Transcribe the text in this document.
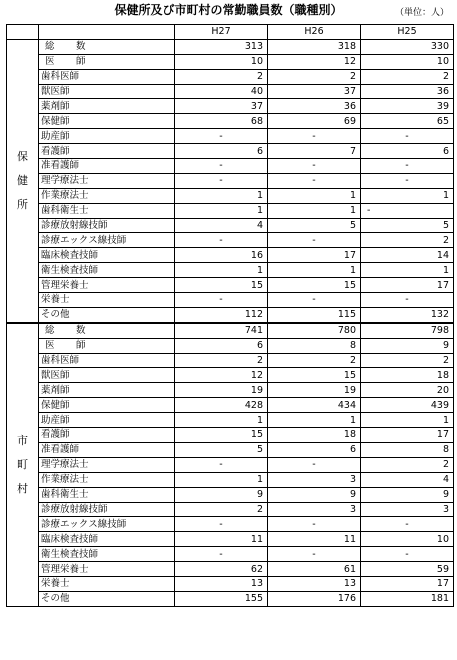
保健所及び市町村の常勤職員数（職種別）	（単位：人）
		H27	H26	H25

保
健
所	総　数	313	318	330
	医　師	10	12	10
	歯科医師	2	2	2
	獣医師	40	37	36
	薬剤師	37	36	39
	保健師	68	69	65
	助産師	-	-	-
	看護師	6	7	6
	准看護師	-	-	-
	理学療法士	-	-	-
	作業療法士	1	1	1
	歯科衛生士	1	1	-
	診療放射線技師	4	5	5
	診療エックス線技師	-	-	2
	臨床検査技師	16	17	14
	衛生検査技師	1	1	1
	管理栄養士	15	15	17
	栄養士	-	-	-
	その他	112	115	132

市
町
村	総　数	741	780	798
	医　師	6	8	9
	歯科医師	2	2	2
	獣医師	12	15	18
	薬剤師	19	19	20
	保健師	428	434	439
	助産師	1	1	1
	看護師	15	18	17
	准看護師	5	6	8
	理学療法士	-	-	2
	作業療法士	1	3	4
	歯科衛生士	9	9	9
	診療放射線技師	2	3	3
	診療エックス線技師	-	-	-
	臨床検査技師	11	11	10
	衛生検査技師	-	-	-
	管理栄養士	62	61	59
	栄養士	13	13	17
	その他	155	176	181
